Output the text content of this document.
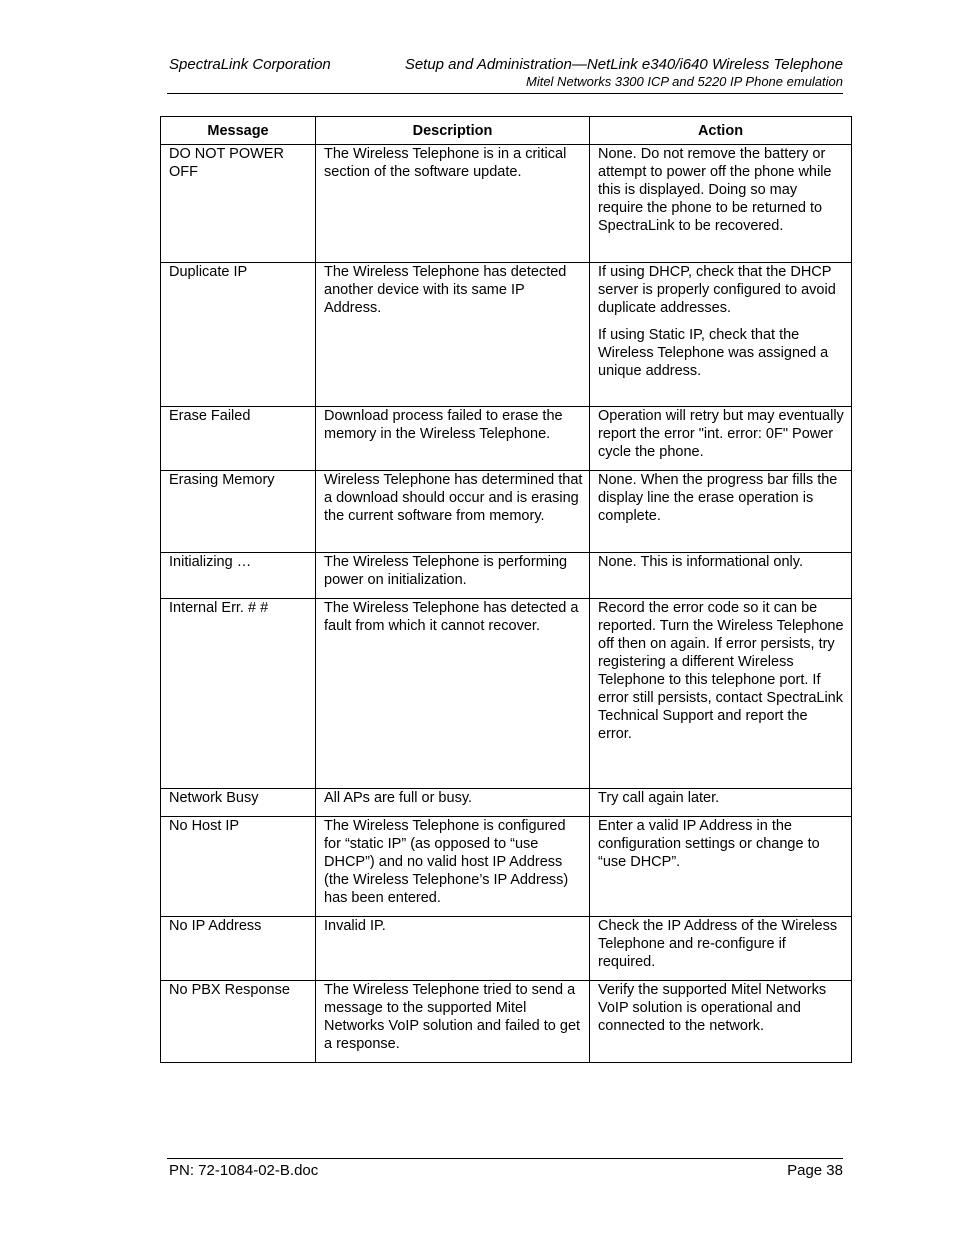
SpectraLink Corporation	Setup and Administration—NetLink e340/i640 Wireless Telephone
Mitel Networks 3300 ICP and 5220 IP Phone emulation
Message	Description	Action

DO NOT POWER OFF	The Wireless Telephone is in a critical section of the software update.	None. Do not remove the battery or attempt to power off the phone while this is displayed. Doing so may require the phone to be returned to SpectraLink to be recovered.

Duplicate IP	The Wireless Telephone has detected another device with its same IP Address.	If using DHCP, check that the DHCP server is properly configured to avoid duplicate addresses.

If using Static IP, check that the Wireless Telephone was assigned a unique address.

Erase Failed	Download process failed to erase the memory in the Wireless Telephone.	Operation will retry but may eventually report the error "int. error: 0F" Power cycle the phone.

Erasing Memory	Wireless Telephone has determined that a download should occur and is erasing the current software from memory.	None. When the progress bar fills the display line the erase operation is complete.

Initializing …	The Wireless Telephone is performing power on initialization.	None. This is informational only.

Internal Err. # #	The Wireless Telephone has detected a fault from which it cannot recover.	Record the error code so it can be reported. Turn the Wireless Telephone off then on again. If error persists, try registering a different Wireless Telephone to this telephone port. If error still persists, contact SpectraLink Technical Support and report the error.

Network Busy	All APs are full or busy.	Try call again later.

No Host IP	The Wireless Telephone is configured for “static IP” (as opposed to “use DHCP”) and no valid host IP Address (the Wireless Telephone’s IP Address) has been entered.	Enter a valid IP Address in the configuration settings or change to “use DHCP”.

No IP Address	Invalid IP.	Check the IP Address of the Wireless Telephone and re-configure if required.

No PBX Response	The Wireless Telephone tried to send a message to the supported Mitel Networks VoIP solution and failed to get a response.	Verify the supported Mitel Networks VoIP solution is operational and connected to the network.

PN: 72-1084-02-B.doc	Page 38
